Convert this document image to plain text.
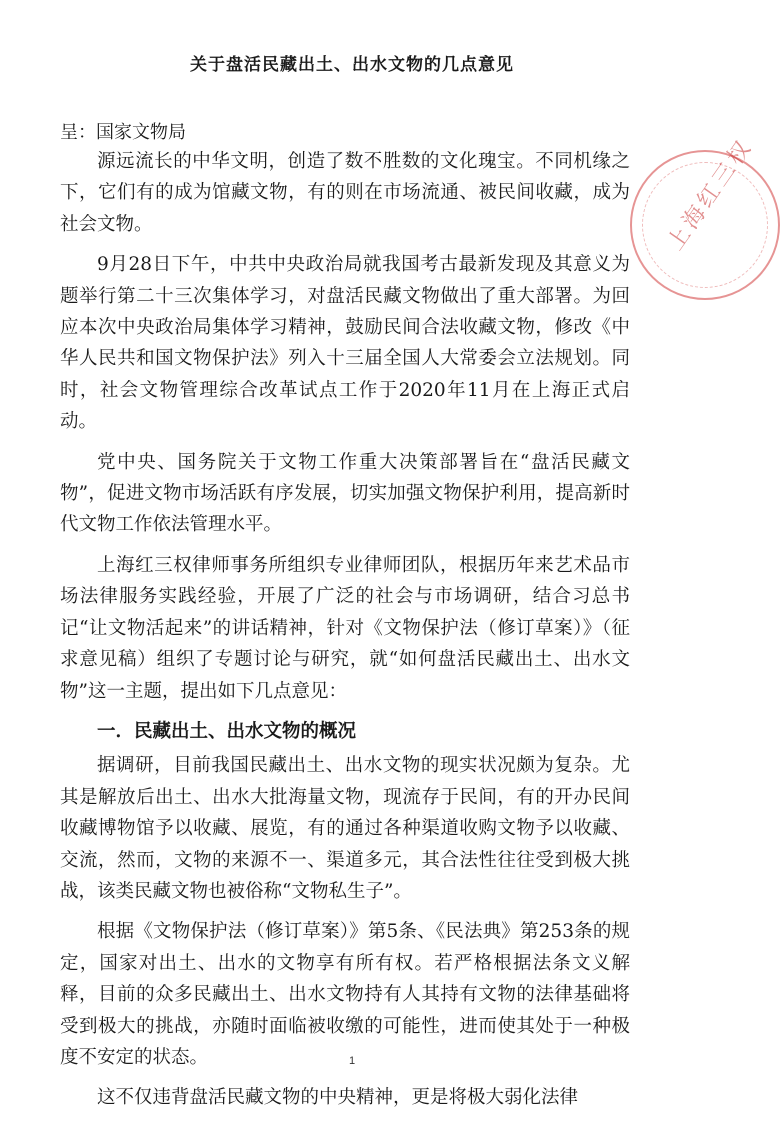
关于盘活民藏出土、出水文物的几点意见
呈：国家文物局

源远流长的中华文明，创造了数不胜数的文化瑰宝。不同机缘之下，它们有的成为馆藏文物，有的则在市场流通、被民间收藏，成为社会文物。

9月28日下午，中共中央政治局就我国考古最新发现及其意义为题举行第二十三次集体学习，对盘活民藏文物做出了重大部署。为回应本次中央政治局集体学习精神，鼓励民间合法收藏文物，修改《中华人民共和国文物保护法》列入十三届全国人大常委会立法规划。同时，社会文物管理综合改革试点工作于2020年11月在上海正式启动。

党中央、国务院关于文物工作重大决策部署旨在“盘活民藏文物”，促进文物市场活跃有序发展，切实加强文物保护利用，提高新时代文物工作依法管理水平。

上海红三权律师事务所组织专业律师团队，根据历年来艺术品市场法律服务实践经验，开展了广泛的社会与市场调研，结合习总书记“让文物活起来”的讲话精神，针对《文物保护法（修订草案）》（征求意见稿）组织了专题讨论与研究，就“如何盘活民藏出土、出水文物”这一主题，提出如下几点意见：

一．民藏出土、出水文物的概况

据调研，目前我国民藏出土、出水文物的现实状况颇为复杂。尤其是解放后出土、出水大批海量文物，现流存于民间，有的开办民间收藏博物馆予以收藏、展览，有的通过各种渠道收购文物予以收藏、交流，然而，文物的来源不一、渠道多元，其合法性往往受到极大挑战，该类民藏文物也被俗称“文物私生子”。

根据《文物保护法（修订草案）》第5条、《民法典》第253条的规定，国家对出土、出水的文物享有所有权。若严格根据法条文义解释，目前的众多民藏出土、出水文物持有人其持有文物的法律基础将受到极大的挑战，亦随时面临被收缴的可能性，进而使其处于一种极度不安定的状态。

这不仅违背盘活民藏文物的中央精神，更是将极大弱化法律

上海红三权
1
